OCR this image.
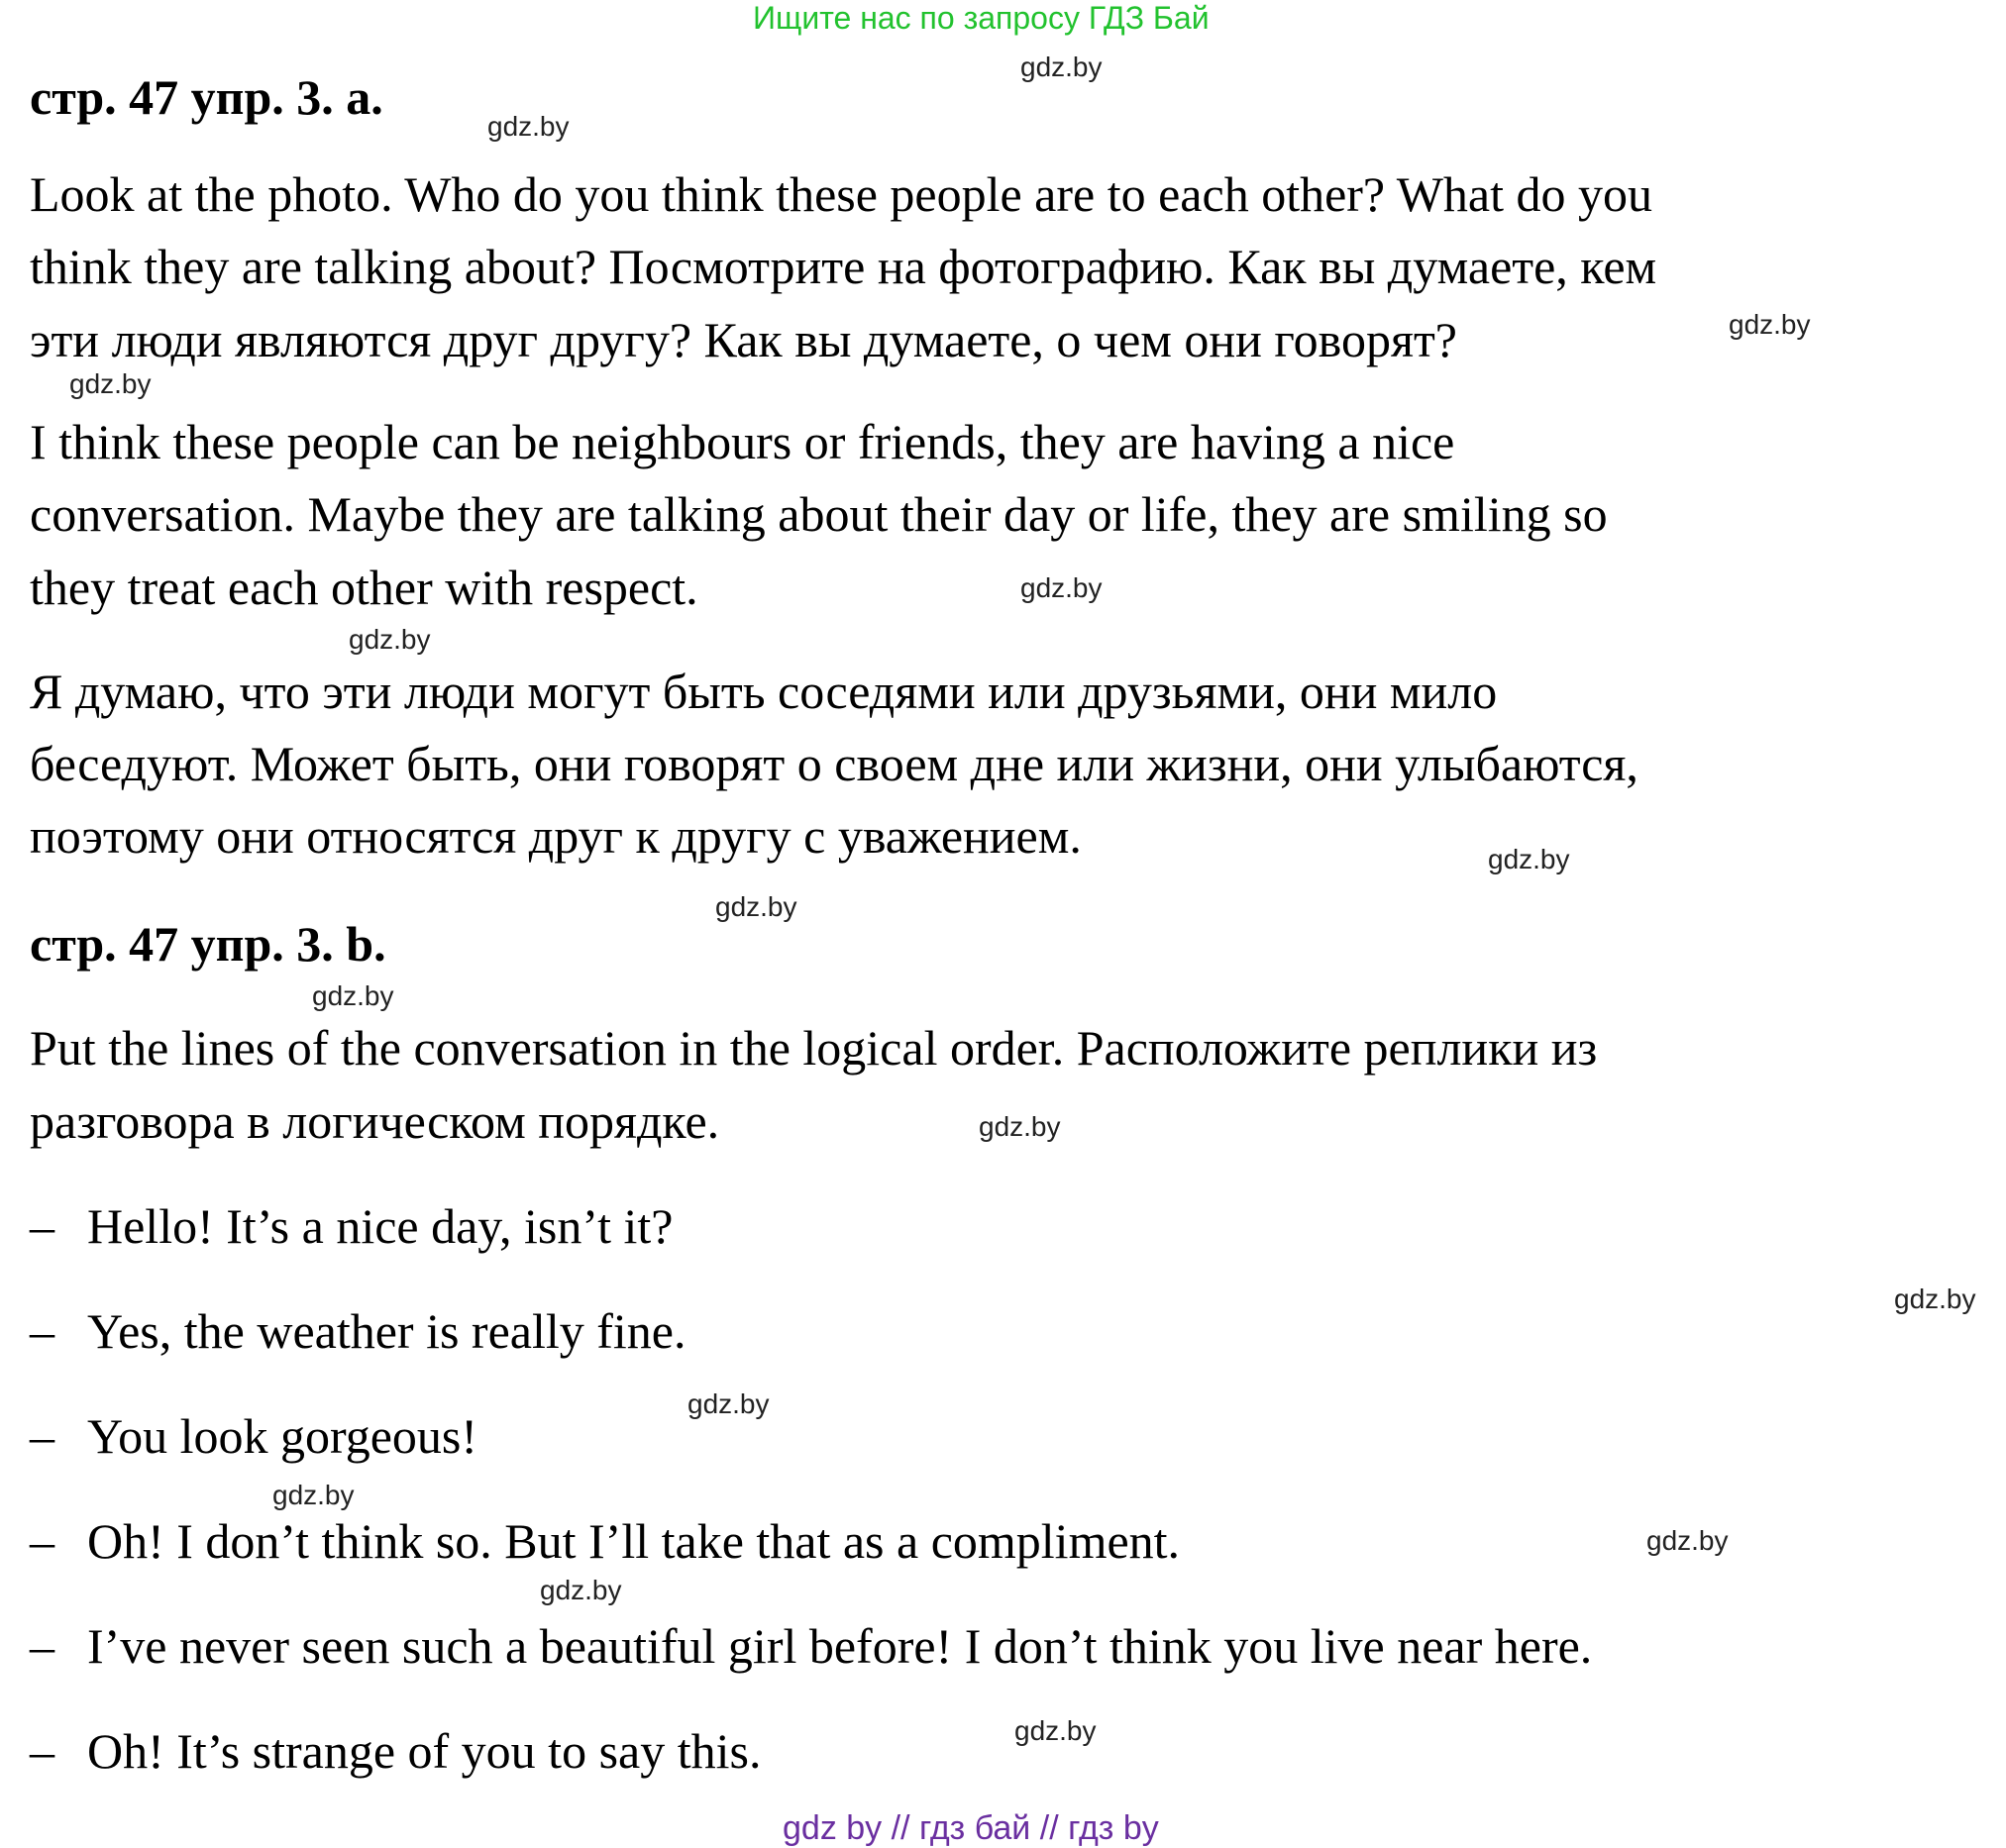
Ищите нас по запросу ГДЗ Бай
стр. 47 упр. 3. a.
Look at the photo. Who do you think these people are to each other? What do you
think they are talking about? Посмотрите на фотографию. Как вы думаете, кем
эти люди являются друг другу? Как вы думаете, о чем они говорят?
I think these people can be neighbours or friends, they are having a nice
conversation. Maybe they are talking about their day or life, they are smiling so
they treat each other with respect.
Я думаю, что эти люди могут быть соседями или друзьями, они мило
беседуют. Может быть, они говорят о своем дне или жизни, они улыбаются,
поэтому они относятся друг к другу с уважением.
стр. 47 упр. 3. b.
Put the lines of the conversation in the logical order. Расположите реплики из
разговора в логическом порядке.
– Hello! It’s a nice day, isn’t it?
– Yes, the weather is really fine.
– You look gorgeous!
– Oh! I don’t think so. But I’ll take that as a compliment.
– I’ve never seen such a beautiful girl before! I don’t think you live near here.
– Oh! It’s strange of you to say this.
gdz.by
gdz.by
gdz.by
gdz.by
gdz.by
gdz.by
gdz.by
gdz.by
gdz.by
gdz.by
gdz.by
gdz.by
gdz.by
gdz.by
gdz.by
gdz.by
gdz by // гдз бай // гдз by
